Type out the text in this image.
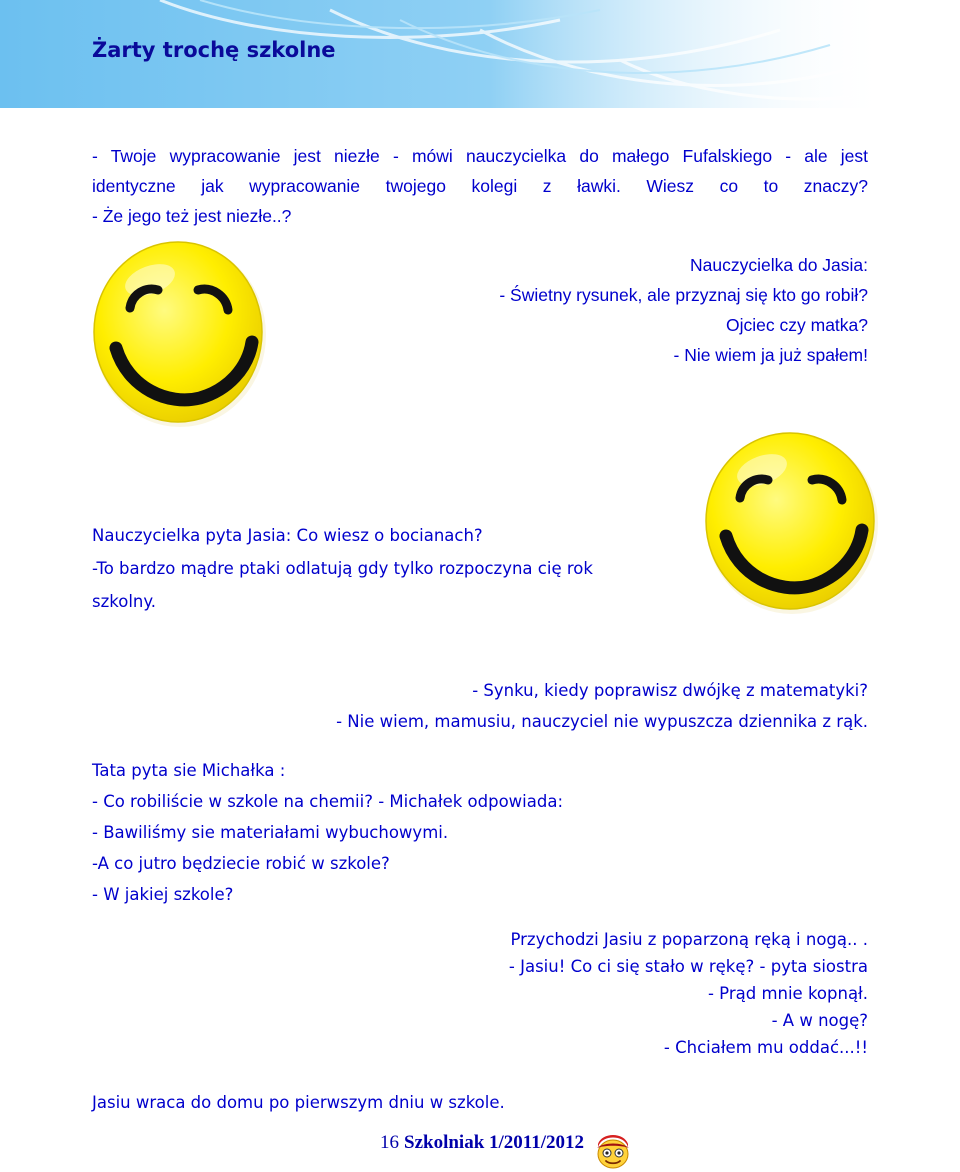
Żarty trochę szkolne
- Twoje wypracowanie jest niezłe - mówi nauczycielka do małego Fufalskiego - ale jest
identyczne jak wypracowanie twojego kolegi z ławki. Wiesz co to znaczy?
- Że jego też jest niezłe..?
Nauczycielka do Jasia:
- Świetny rysunek, ale przyznaj się kto go robił?
Ojciec czy matka?
- Nie wiem ja już spałem!
Nauczycielka pyta Jasia: Co wiesz o bocianach?
-To bardzo mądre ptaki odlatują gdy tylko rozpoczyna cię rok
szkolny.
- Synku, kiedy poprawisz dwójkę z matematyki?
- Nie wiem, mamusiu, nauczyciel nie wypuszcza dziennika z rąk.
Tata pyta sie Michałka :
- Co robiliście w szkole na chemii? - Michałek odpowiada:
- Bawiliśmy sie materiałami wybuchowymi.
-A co jutro będziecie robić w szkole?
- W jakiej szkole?
Przychodzi Jasiu z poparzoną ręką i nogą.. .
- Jasiu! Co ci się stało w rękę? - pyta siostra
- Prąd mnie kopnął.
- A w nogę?
- Chciałem mu oddać...!!
Jasiu wraca do domu po pierwszym dniu w szkole.
16 Szkolniak 1/2011/2012
